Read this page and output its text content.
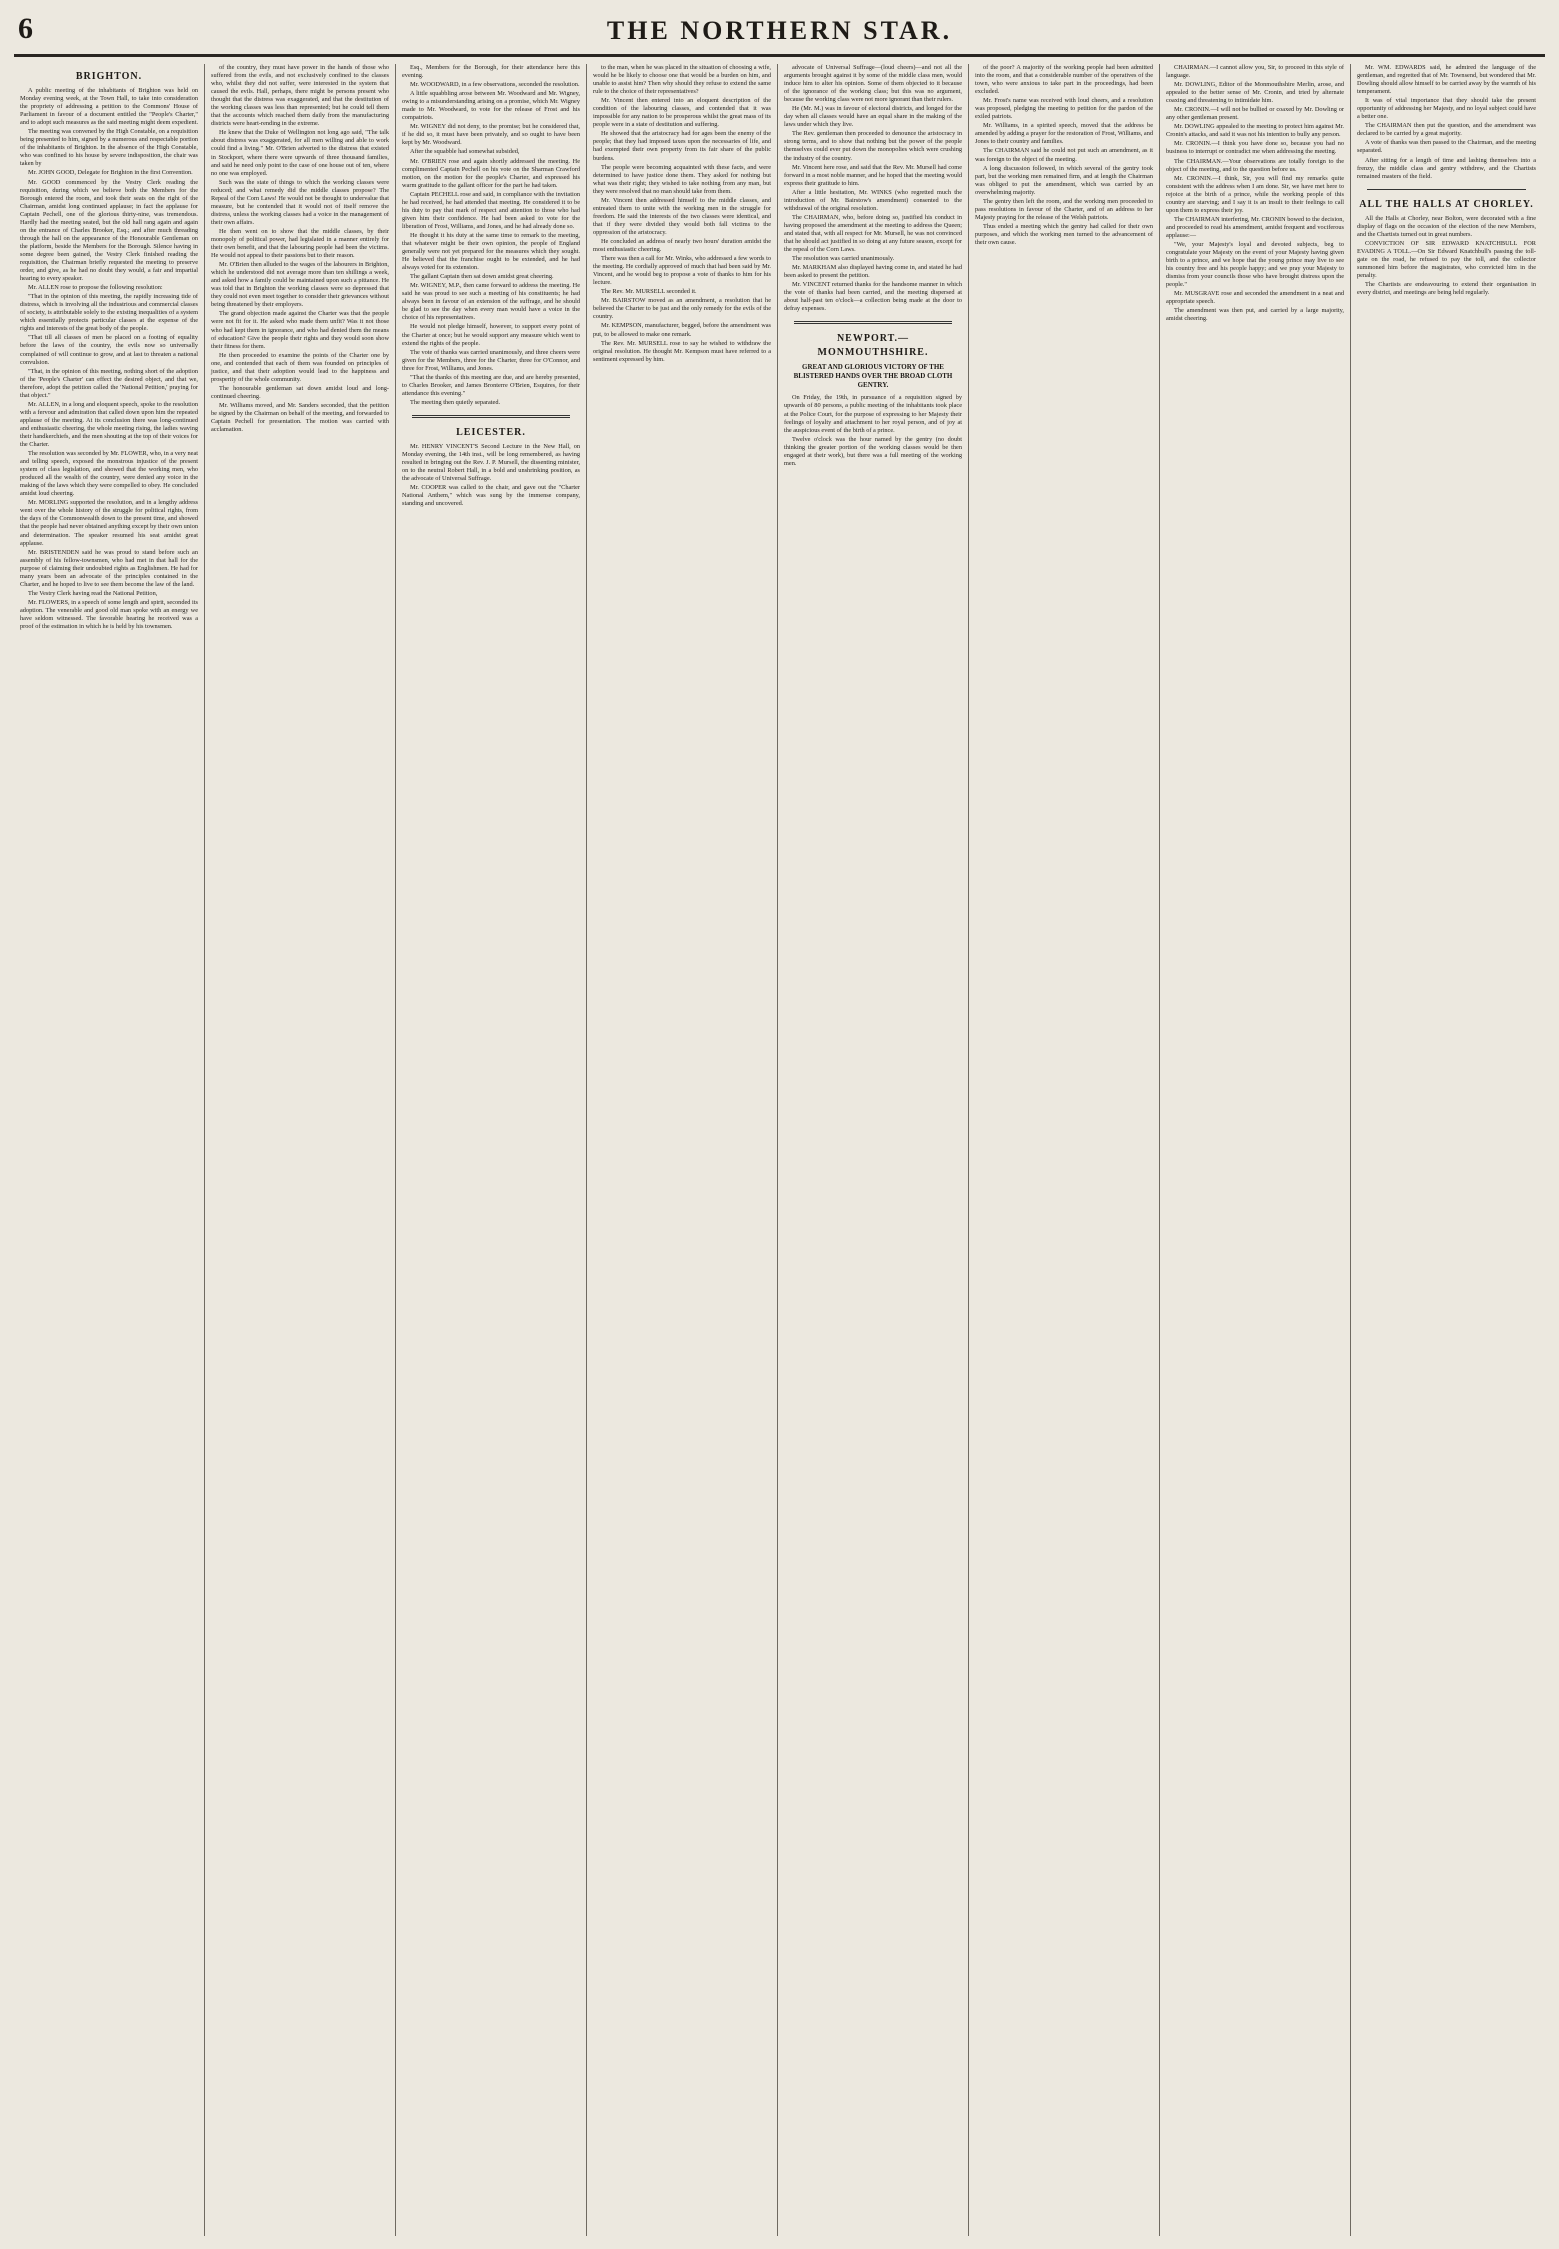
6	THE NORTHERN STAR.
BRIGHTON.

A public meeting of the inhabitants of Brighton was held on Monday evening week, at the Town Hall, to take into consideration the propriety of addressing a petition to the Commons' House of Parliament in favour of a document entitled the "People's Charter," and to adopt such measures as the said meeting might deem expedient.

The meeting was convened by the High Constable, on a requisition being presented to him, signed by a numerous and respectable portion of the inhabitants of Brighton. In the absence of the High Constable, who was confined to his house by severe indisposition, the chair was taken by

Mr. JOHN GOOD, Delegate for Brighton in the first Convention.

Mr. GOOD commenced by the Vestry Clerk reading the requisition, during which we believe both the Members for the Borough entered the room, and took their seats on the right of the Chairman, amidst long continued applause; in fact the applause for Captain Pechell, one of the glorious thirty-nine, was tremendous. Hardly had the meeting seated, but the old hall rang again and again on the entrance of Charles Brooker, Esq.; and after much threading through the hall on the appearance of the Honourable Gentleman on the platform, beside the Members for the Borough. Silence having in some degree been gained, the Vestry Clerk finished reading the requisition, the Chairman briefly requested the meeting to preserve order, and give, as he had no doubt they would, a fair and impartial hearing to every speaker.

Mr. ALLEN rose to propose the following resolution:

"That in the opinion of this meeting, the rapidly increasing tide of distress, which is involving all the industrious and commercial classes of society, is attributable solely to the existing inequalities of a system which essentially protects particular classes at the expense of the rights and interests of the great body of the people.

"That till all classes of men be placed on a footing of equality before the laws of the country, the evils now so universally complained of will continue to grow, and at last to threaten a national convulsion.

"That, in the opinion of this meeting, nothing short of the adoption of the 'People's Charter' can effect the desired object, and that we, therefore, adopt the petition called the 'National Petition,' praying for that object."

Mr. ALLEN, in a long and eloquent speech, spoke to the resolution with a fervour and admiration that called down upon him the repeated applause of the meeting. At its conclusion there was long-continued and enthusiastic cheering, the whole meeting rising, the ladies waving their handkerchiefs, and the men shouting at the top of their voices for the Charter.

The resolution was seconded by Mr. FLOWER, who, in a very neat and telling speech, exposed the monstrous injustice of the present system of class legislation, and showed that the working men, who produced all the wealth of the country, were denied any voice in the making of the laws which they were compelled to obey. He concluded amidst loud cheering.

Mr. MORLING supported the resolution, and in a lengthy address went over the whole history of the struggle for political rights, from the days of the Commonwealth down to the present time, and showed that the people had never obtained anything except by their own union and determination. The speaker resumed his seat amidst great applause.

Mr. BRISTENDEN said he was proud to stand before such an assembly of his fellow-townsmen, who had met in that hall for the purpose of claiming their undoubted rights as Englishmen. He had for many years been an advocate of the principles contained in the Charter, and he hoped to live to see them become the law of the land.

The Vestry Clerk having read the National Petition,

Mr. FLOWERS, in a speech of some length and spirit, seconded its adoption. The venerable and good old man spoke with an energy we have seldom witnessed. The favorable hearing he received was a proof of the estimation in which he is held by his townsmen.

of the country, they must have power in the hands of those who suffered from the evils, and not exclusively confined to the classes who, whilst they did not suffer, were interested in the system that caused the evils. Hall, perhaps, there might be persons present who thought that the distress was exaggerated, and that the destitution of the working classes was less than represented; but he could tell them that the accounts which reached them daily from the manufacturing districts were heart-rending in the extreme.

He knew that the Duke of Wellington not long ago said, "The talk about distress was exaggerated, for all men willing and able to work could find a living." Mr. O'Brien adverted to the distress that existed in Stockport, where there were upwards of three thousand families, and said he need only point to the case of one house out of ten, where no one was employed.

Such was the state of things to which the working classes were reduced; and what remedy did the middle classes propose? The Repeal of the Corn Laws! He would not be thought to undervalue that measure, but he contended that it would not of itself remove the distress, unless the working classes had a voice in the management of their own affairs.

He then went on to show that the middle classes, by their monopoly of political power, had legislated in a manner entirely for their own benefit, and that the labouring people had been the victims. He would not appeal to their passions but to their reason.

Mr. O'Brien then alluded to the wages of the labourers in Brighton, which he understood did not average more than ten shillings a week, and asked how a family could be maintained upon such a pittance. He was told that in Brighton the working classes were so depressed that they could not even meet together to consider their grievances without being threatened by their employers.

The grand objection made against the Charter was that the people were not fit for it. He asked who made them unfit? Was it not those who had kept them in ignorance, and who had denied them the means of education? Give the people their rights and they would soon show their fitness for them.

He then proceeded to examine the points of the Charter one by one, and contended that each of them was founded on principles of justice, and that their adoption would lead to the happiness and prosperity of the whole community.

The honourable gentleman sat down amidst loud and long-continued cheering.

Mr. Williams moved, and Mr. Sanders seconded, that the petition be signed by the Chairman on behalf of the meeting, and forwarded to Captain Pechell for presentation. The motion was carried with acclamation.

Esq., Members for the Borough, for their attendance here this evening.

Mr. WOODWARD, in a few observations, seconded the resolution.

A little squabbling arose between Mr. Woodward and Mr. Wigney, owing to a misunderstanding arising on a promise, which Mr. Wigney made to Mr. Woodward, to vote for the release of Frost and his compatriots.

Mr. WIGNEY did not deny, to the promise; but he considered that, if he did so, it must have been privately, and so ought to have been kept by Mr. Woodward.

After the squabble had somewhat subsided,

Mr. O'BRIEN rose and again shortly addressed the meeting. He complimented Captain Pechell on his vote on the Sharman Crawford motion, on the motion for the people's Charter, and expressed his warm gratitude to the gallant officer for the part he had taken.

Captain PECHELL rose and said, in compliance with the invitation he had received, he had attended that meeting. He considered it to be his duty to pay that mark of respect and attention to those who had given him their confidence. He had been asked to vote for the liberation of Frost, Williams, and Jones, and he had already done so.

He thought it his duty at the same time to remark to the meeting, that whatever might be their own opinion, the people of England generally were not yet prepared for the measures which they sought. He believed that the franchise ought to be extended, and he had always voted for its extension.

The gallant Captain then sat down amidst great cheering.

Mr. WIGNEY, M.P., then came forward to address the meeting. He said he was proud to see such a meeting of his constituents; he had always been in favour of an extension of the suffrage, and he should be glad to see the day when every man would have a voice in the choice of his representatives.

He would not pledge himself, however, to support every point of the Charter at once; but he would support any measure which went to extend the rights of the people.

The vote of thanks was carried unanimously, and three cheers were given for the Members, three for the Charter, three for O'Connor, and three for Frost, Williams, and Jones.

"That the thanks of this meeting are due, and are hereby presented, to Charles Brooker, and James Bronterre O'Brien, Esquires, for their attendance this evening."

The meeting then quietly separated.

LEICESTER.

Mr. HENRY VINCENT'S Second Lecture in the New Hall, on Monday evening, the 14th inst., will be long remembered, as having resulted in bringing out the Rev. J. P. Mursell, the dissenting minister, on to the neutral Robert Hall, in a bold and unshrinking position, as the advocate of Universal Suffrage.

Mr. COOPER was called to the chair, and gave out the "Charter National Anthem," which was sung by the immense company, standing and uncovered.

to the man, when he was placed in the situation of choosing a wife, would he be likely to choose one that would be a burden on him, and unable to assist him? Then why should they refuse to extend the same rule to the choice of their representatives?

Mr. Vincent then entered into an eloquent description of the condition of the labouring classes, and contended that it was impossible for any nation to be prosperous whilst the great mass of its people were in a state of destitution and suffering.

He showed that the aristocracy had for ages been the enemy of the people; that they had imposed taxes upon the necessaries of life, and had exempted their own property from its fair share of the public burdens.

The people were becoming acquainted with these facts, and were determined to have justice done them. They asked for nothing but what was their right; they wished to take nothing from any man, but they were resolved that no man should take from them.

Mr. Vincent then addressed himself to the middle classes, and entreated them to unite with the working men in the struggle for freedom. He said the interests of the two classes were identical, and that if they were divided they would both fall victims to the oppression of the aristocracy.

He concluded an address of nearly two hours' duration amidst the most enthusiastic cheering.

There was then a call for Mr. Winks, who addressed a few words to the meeting. He cordially approved of much that had been said by Mr. Vincent, and he would beg to propose a vote of thanks to him for his lecture.

The Rev. Mr. MURSELL seconded it.

Mr. BAIRSTOW moved as an amendment, a resolution that he believed the Charter to be just and the only remedy for the evils of the country.

Mr. KEMPSON, manufacturer, begged, before the amendment was put, to be allowed to make one remark.

The Rev. Mr. MURSELL rose to say he wished to withdraw the original resolution. He thought Mr. Kempson must have referred to a sentiment expressed by him.

advocate of Universal Suffrage—(loud cheers)—and not all the arguments brought against it by some of the middle class men, would induce him to alter his opinion. Some of them objected to it because of the ignorance of the working class; but this was no argument, because the working class were not more ignorant than their rulers.

He (Mr. M.) was in favour of electoral districts, and longed for the day when all classes would have an equal share in the making of the laws under which they live.

The Rev. gentleman then proceeded to denounce the aristocracy in strong terms, and to show that nothing but the power of the people themselves could ever put down the monopolies which were crushing the industry of the country.

Mr. Vincent here rose, and said that the Rev. Mr. Mursell had come forward in a most noble manner, and he hoped that the meeting would express their gratitude to him.

After a little hesitation, Mr. WINKS (who regretted much the introduction of Mr. Bairstow's amendment) consented to the withdrawal of the original resolution.

The CHAIRMAN, who, before doing so, justified his conduct in having proposed the amendment at the meeting to address the Queen; and stated that, with all respect for Mr. Mursell, he was not convinced that he should act justified in so doing at any future season, except for the repeal of the Corn Laws.

The resolution was carried unanimously.

Mr. MARKHAM also displayed having come in, and stated he had been asked to present the petition.

Mr. VINCENT returned thanks for the handsome manner in which the vote of thanks had been carried, and the meeting dispersed at about half-past ten o'clock—a collection being made at the door to defray expenses.

NEWPORT.—MONMOUTHSHIRE.
GREAT AND GLORIOUS VICTORY OF THE BLISTERED HANDS OVER THE BROAD CLOTH GENTRY.

On Friday, the 19th, in pursuance of a requisition signed by upwards of 80 persons, a public meeting of the inhabitants took place at the Police Court, for the purpose of expressing to her Majesty their feelings of loyalty and attachment to her royal person, and of joy at the auspicious event of the birth of a prince.

Twelve o'clock was the hour named by the gentry (no doubt thinking the greater portion of the working classes would be then engaged at their work), but there was a full meeting of the working men.

of the poor? A majority of the working people had been admitted into the room, and that a considerable number of the operatives of the town, who were anxious to take part in the proceedings, had been excluded.

Mr. Frost's name was received with loud cheers, and a resolution was proposed, pledging the meeting to petition for the pardon of the exiled patriots.

Mr. Williams, in a spirited speech, moved that the address be amended by adding a prayer for the restoration of Frost, Williams, and Jones to their country and families.

The CHAIRMAN said he could not put such an amendment, as it was foreign to the object of the meeting.

A long discussion followed, in which several of the gentry took part, but the working men remained firm, and at length the Chairman was obliged to put the amendment, which was carried by an overwhelming majority.

The gentry then left the room, and the working men proceeded to pass resolutions in favour of the Charter, and of an address to her Majesty praying for the release of the Welsh patriots.

Thus ended a meeting which the gentry had called for their own purposes, and which the working men turned to the advancement of their own cause.

CHAIRMAN.—I cannot allow you, Sir, to proceed in this style of language.

Mr. DOWLING, Editor of the Monmouthshire Merlin, arose, and appealed to the better sense of Mr. Cronin, and tried by alternate coaxing and threatening to intimidate him.

Mr. CRONIN.—I will not be bullied or coaxed by Mr. Dowling or any other gentleman present.

Mr. DOWLING appealed to the meeting to protect him against Mr. Cronin's attacks, and said it was not his intention to bully any person.

Mr. CRONIN.—I think you have done so, because you had no business to interrupt or contradict me when addressing the meeting.

The CHAIRMAN.—Your observations are totally foreign to the object of the meeting, and to the question before us.

Mr. CRONIN.—I think, Sir, you will find my remarks quite consistent with the address when I am done. Sir, we have met here to rejoice at the birth of a prince, while the working people of this country are starving; and I say it is an insult to their feelings to call upon them to express their joy.

The CHAIRMAN interfering, Mr. CRONIN bowed to the decision, and proceeded to read his amendment, amidst frequent and vociferous applause:—

"We, your Majesty's loyal and devoted subjects, beg to congratulate your Majesty on the event of your Majesty having given birth to a prince, and we hope that the young prince may live to see his country free and his people happy; and we pray your Majesty to dismiss from your councils those who have brought distress upon the people."

Mr. MUSGRAVE rose and seconded the amendment in a neat and appropriate speech.

The amendment was then put, and carried by a large majority, amidst cheering.

Mr. WM. EDWARDS said, he admired the language of the gentleman, and regretted that of Mr. Townsend, but wondered that Mr. Dowling should allow himself to be carried away by the warmth of his temperament.

It was of vital importance that they should take the present opportunity of addressing her Majesty, and no loyal subject could have a better one.

The CHAIRMAN then put the question, and the amendment was declared to be carried by a great majority.

A vote of thanks was then passed to the Chairman, and the meeting separated.

After sitting for a length of time and lashing themselves into a frenzy, the middle class and gentry withdrew, and the Chartists remained masters of the field.

ALL THE HALLS AT CHORLEY.

All the Halls at Chorley, near Bolton, were decorated with a fine display of flags on the occasion of the election of the new Members, and the Chartists turned out in great numbers.

CONVICTION OF SIR EDWARD KNATCHBULL FOR EVADING A TOLL.—On Sir Edward Knatchbull's passing the toll-gate on the road, he refused to pay the toll, and the collector summoned him before the magistrates, who convicted him in the penalty.

The Chartists are endeavouring to extend their organisation in every district, and meetings are being held regularly.
